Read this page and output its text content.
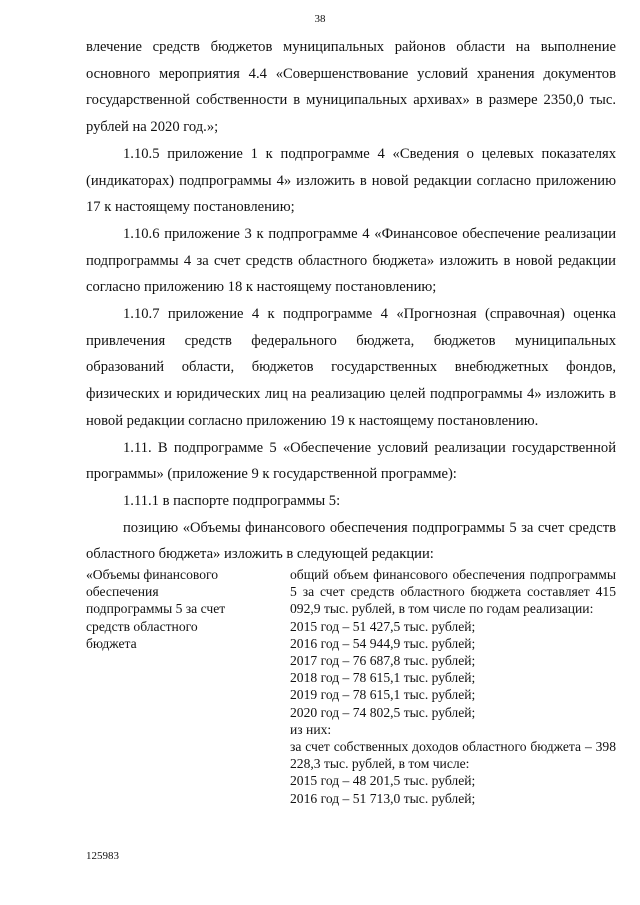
38

влечение средств бюджетов муниципальных районов области на выполнение основного мероприятия 4.4 «Совершенствование условий хранения документов государственной собственности в муниципальных архивах» в размере 2350,0 тыс. рублей на 2020 год.»;

1.10.5 приложение 1 к подпрограмме 4 «Сведения о целевых показателях (индикаторах) подпрограммы 4» изложить в новой редакции согласно приложению 17 к настоящему постановлению;

1.10.6 приложение 3 к подпрограмме 4 «Финансовое обеспечение реализации подпрограммы 4 за счет средств областного бюджета» изложить в новой редакции согласно приложению 18 к настоящему постановлению;

1.10.7 приложение 4 к подпрограмме 4 «Прогнозная (справочная) оценка привлечения средств федерального бюджета, бюджетов муниципальных образований области, бюджетов государственных внебюджетных фондов, физических и юридических лиц на реализацию целей подпрограммы 4» изложить в новой редакции согласно приложению 19 к настоящему постановлению.

1.11. В подпрограмме 5 «Обеспечение условий реализации государственной программы» (приложение 9 к государственной программе):

1.11.1 в паспорте подпрограммы 5:

позицию «Объемы финансового обеспечения подпрограммы 5 за счет средств областного бюджета» изложить в следующей редакции:

«Объемы финансового обеспечения подпрограммы 5 за счет средств областного бюджета
общий объем финансового обеспечения подпрограммы 5 за счет средств областного бюджета составляет 415 092,9 тыс. рублей, в том числе по годам реализации:
2015 год – 51 427,5 тыс. рублей;
2016 год – 54 944,9 тыс. рублей;
2017 год – 76 687,8 тыс. рублей;
2018 год – 78 615,1 тыс. рублей;
2019 год – 78 615,1 тыс. рублей;
2020 год – 74 802,5 тыс. рублей;
из них:
за счет собственных доходов областного бюджета – 398 228,3 тыс. рублей, в том числе:
2015 год – 48 201,5 тыс. рублей;
2016 год – 51 713,0 тыс. рублей;
125983
